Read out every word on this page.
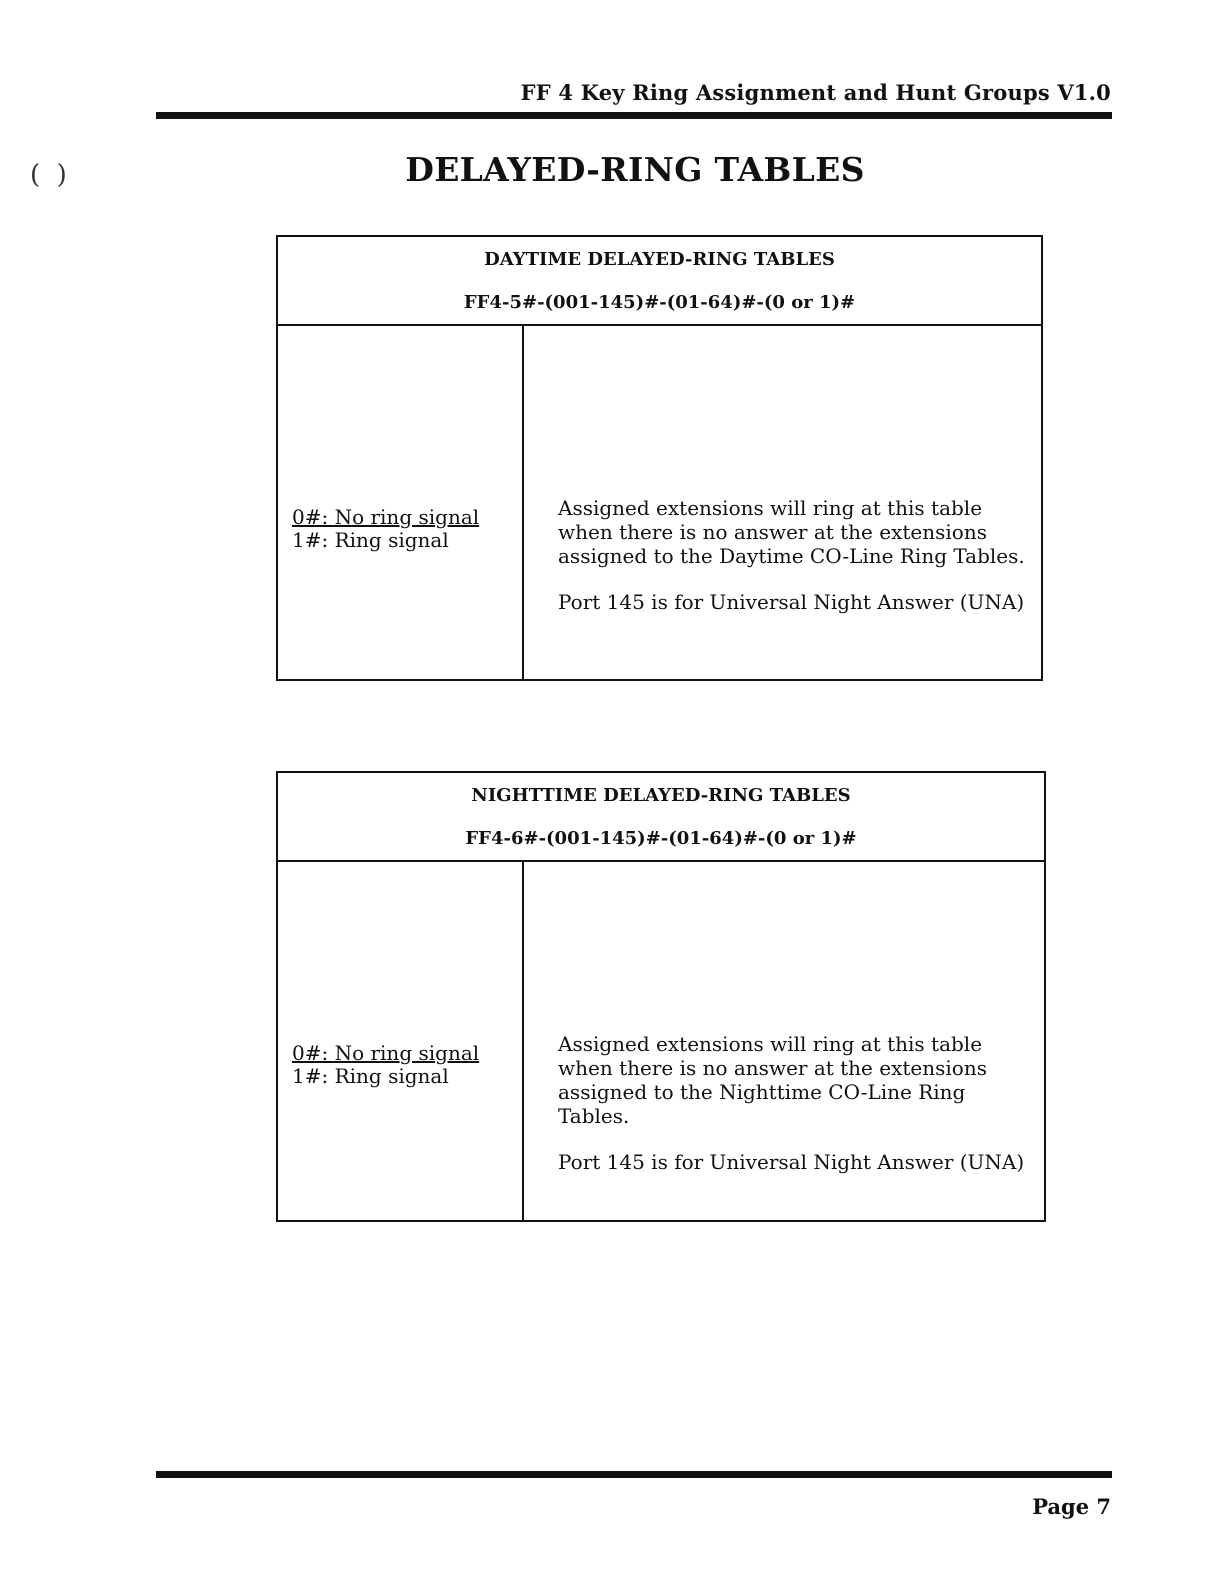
FF 4 Key Ring Assignment and Hunt Groups V1.0
(  )	DELAYED-RING TABLES
DAYTIME DELAYED-RING TABLES
FF4-5#-(001-145)#-(01-64)#-(0 or 1)#
0#: No ring signal
1#: Ring signal
Assigned extensions will ring at this table when there is no answer at the extensions assigned to the Daytime CO-Line Ring Tables.
Port 145 is for Universal Night Answer (UNA)
NIGHTTIME DELAYED-RING TABLES
FF4-6#-(001-145)#-(01-64)#-(0 or 1)#
0#: No ring signal
1#: Ring signal
Assigned extensions will ring at this table when there is no answer at the extensions assigned to the Nighttime CO-Line Ring Tables.
Port 145 is for Universal Night Answer (UNA)
Page 7
